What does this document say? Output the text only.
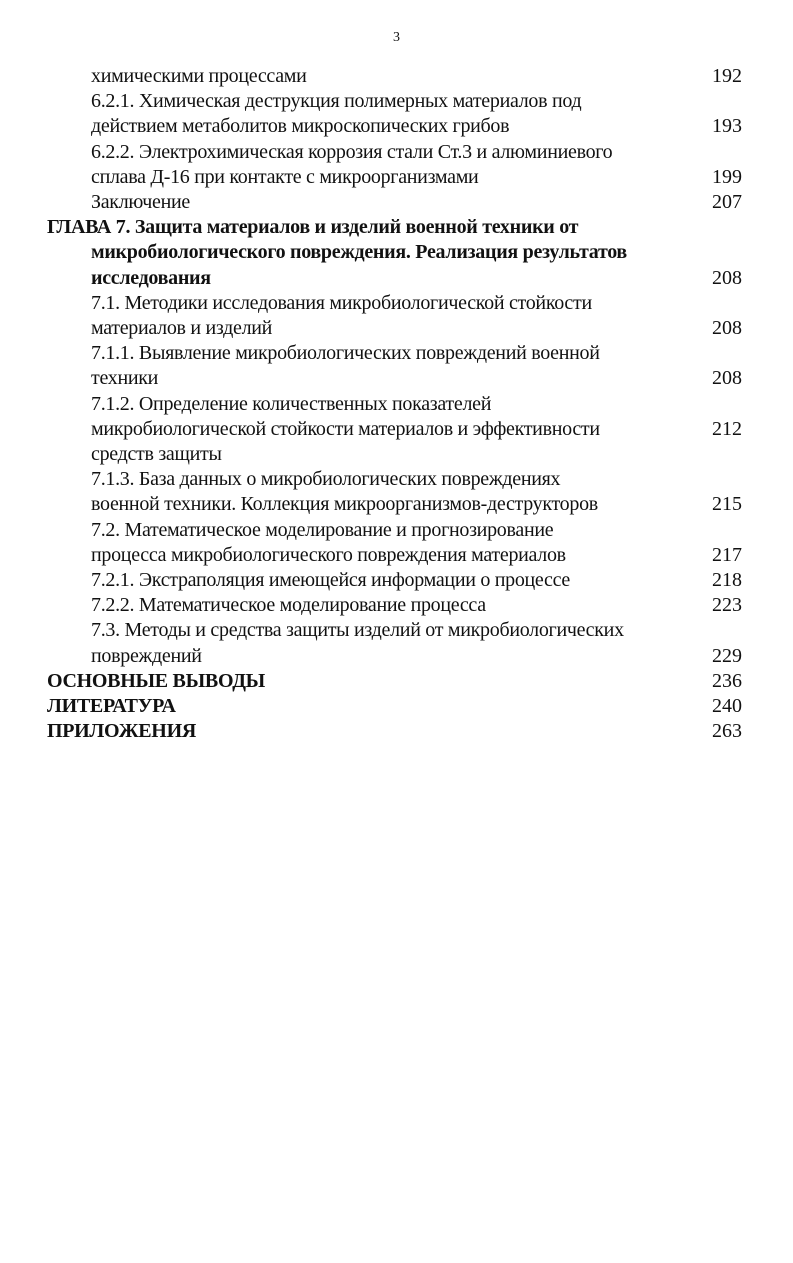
3
химическими процессами	192
6.2.1. Химическая деструкция полимерных материалов под
действием метаболитов микроскопических грибов	193
6.2.2. Электрохимическая коррозия стали Ст.3 и алюминиевого
сплава Д-16 при контакте с микроорганизмами	199
Заключение	207
ГЛАВА 7. Защита материалов и изделий военной техники от
микробиологического повреждения. Реализация результатов
исследования	208
7.1. Методики исследования микробиологической стойкости
материалов и изделий	208
7.1.1. Выявление микробиологических повреждений военной
техники	208
7.1.2. Определение количественных показателей
микробиологической стойкости материалов и эффективности	212
средств защиты
7.1.3. База данных о микробиологических повреждениях
военной техники. Коллекция микроорганизмов-деструкторов	215
7.2. Математическое моделирование и прогнозирование
процесса микробиологического повреждения материалов	217
7.2.1. Экстраполяция имеющейся информации о процессе	218
7.2.2. Математическое моделирование процесса	223
7.3. Методы и средства защиты изделий от микробиологических
повреждений	229
ОСНОВНЫЕ ВЫВОДЫ	236
ЛИТЕРАТУРА	240
ПРИЛОЖЕНИЯ	263
